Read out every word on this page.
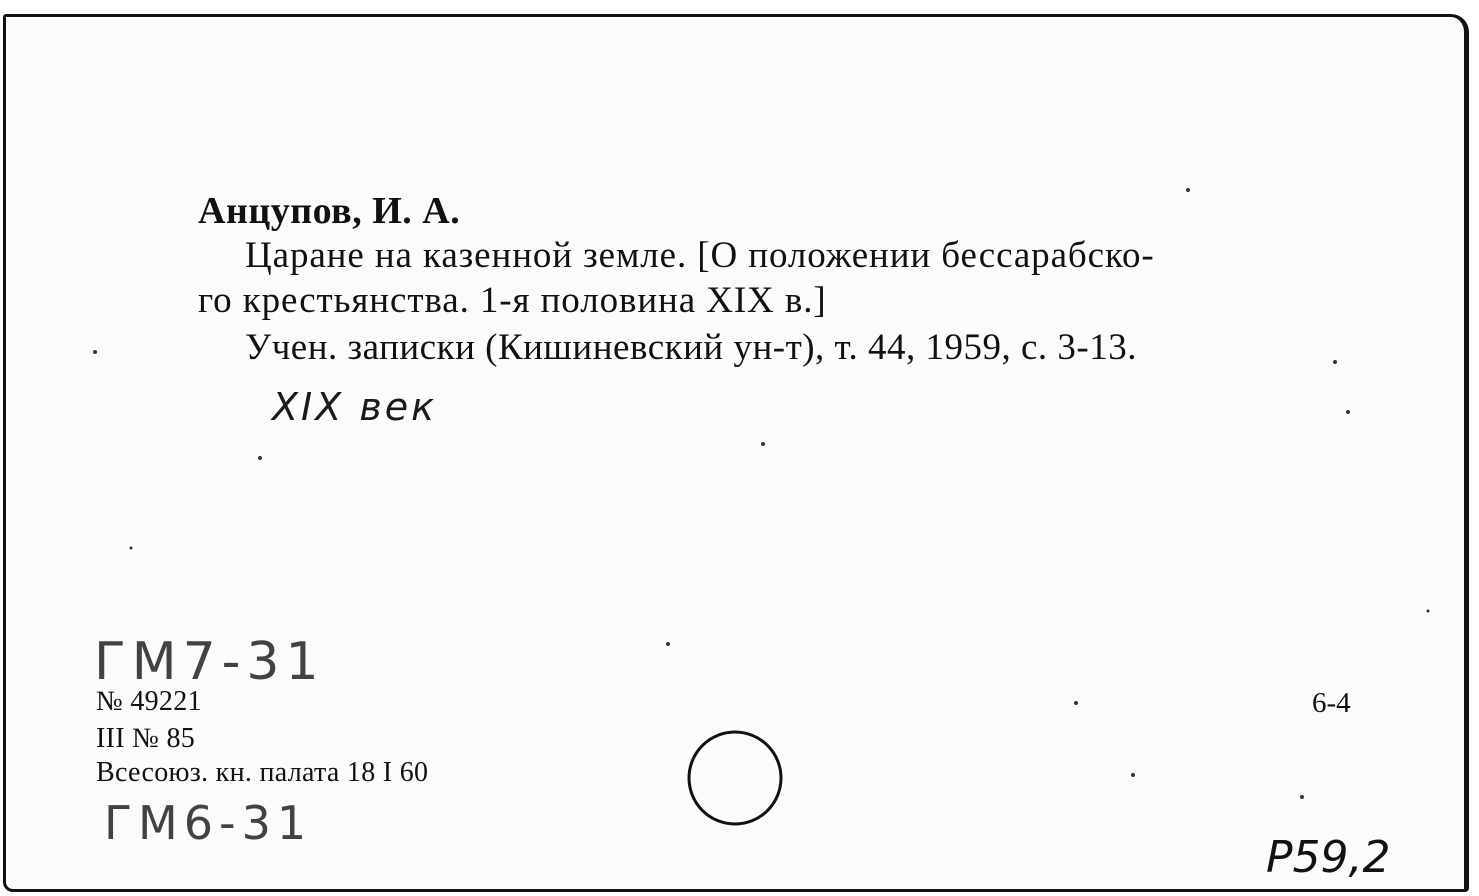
Анцупов, И. А.
Царане на казенной земле. [О положении бессарабско-
го крестьянства. 1-я половина XIX в.]
Учен. записки (Кишиневский ун-т), т. 44, 1959, с. 3-13.
XIX век
ГМ7-31
ГМ6-31
№ 49221
III № 85
Всесоюз. кн. палата 18 I 60
6-4
Р59,2
